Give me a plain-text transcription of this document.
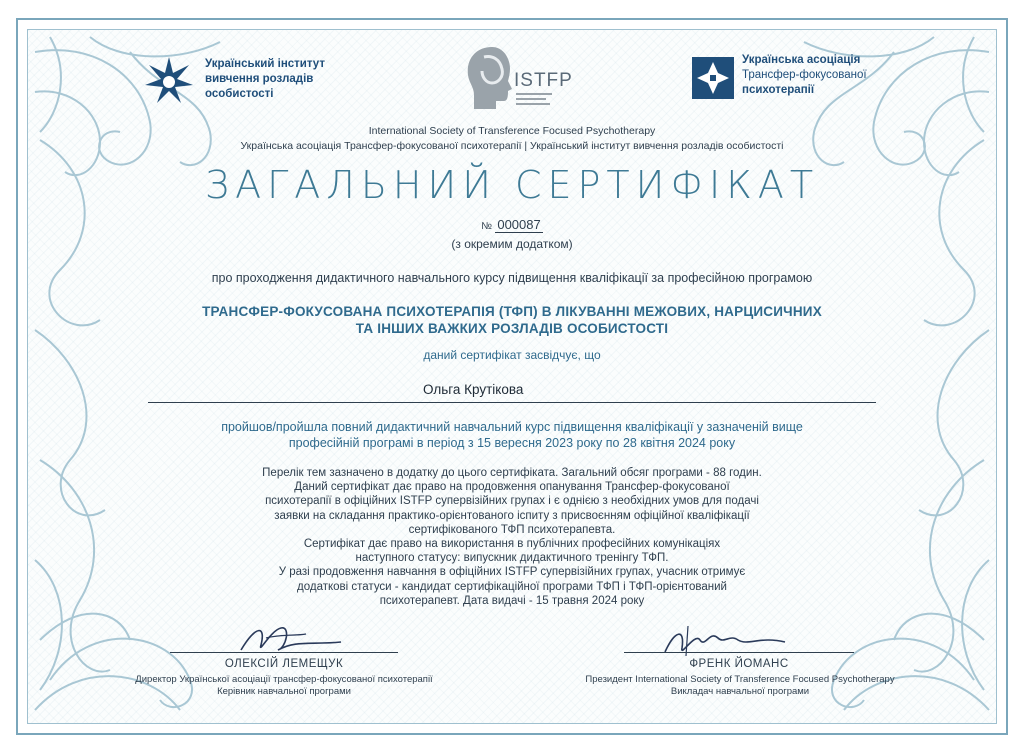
Український інститут
вивчення розладів
особистості
ISTFP
Українська асоціація
Трансфер-фокусованої
психотерапії
International Society of Transference Focused Psychotherapy
Українська асоціація Трансфер-фокусованої психотерапії | Український інститут вивчення розладів особистості
ЗАГАЛЬНИЙ СЕРТИФІКАТ
№ 000087
(з окремим додатком)
про проходження дидактичного навчального курсу підвищення кваліфікації за професійною програмою
ТРАНСФЕР-ФОКУСОВАНА ПСИХОТЕРАПІЯ (ТФП) В ЛІКУВАННІ МЕЖОВИХ, НАРЦИСИЧНИХ
ТА ІНШИХ ВАЖКИХ РОЗЛАДІВ ОСОБИСТОСТІ
даний сертифікат засвідчує, що
Ольга Крутікова
пройшов/пройшла повний дидактичний навчальний курс підвищення кваліфікації у зазначеній вище
професійній програмі в період з 15 вересня 2023 року по 28 квітня 2024 року
Перелік тем зазначено в додатку до цього сертифіката. Загальний обсяг програми - 88 годин.
Даний сертифікат дає право на продовження опанування Трансфер-фокусованої
психотерапії в офіційних ISTFP супервізійних групах і є однією з необхідних умов для подачі
заявки на складання практико-орієнтованого іспиту з присвоєнням офіційної кваліфікації
сертифікованого ТФП психотерапевта.
Сертифікат дає право на використання в публічних професійних комунікаціях
наступного статусу: випускник дидактичного тренінгу ТФП.
У разі продовження навчання в офіційних ISTFP супервізійних групах, учасник отримує
додаткові статуси - кандидат сертифікаційної програми ТФП і ТФП-орієнтований
психотерапевт. Дата видачі - 15 травня 2024 року
ОЛЕКСІЙ ЛЕМЕЩУК
Директор Української асоціації трансфер-фокусованої психотерапії
Керівник навчальної програми
ФРЕНК ЙОМАНС
Президент International Society of Transference Focused Psychotherapy
Викладач навчальної програми
